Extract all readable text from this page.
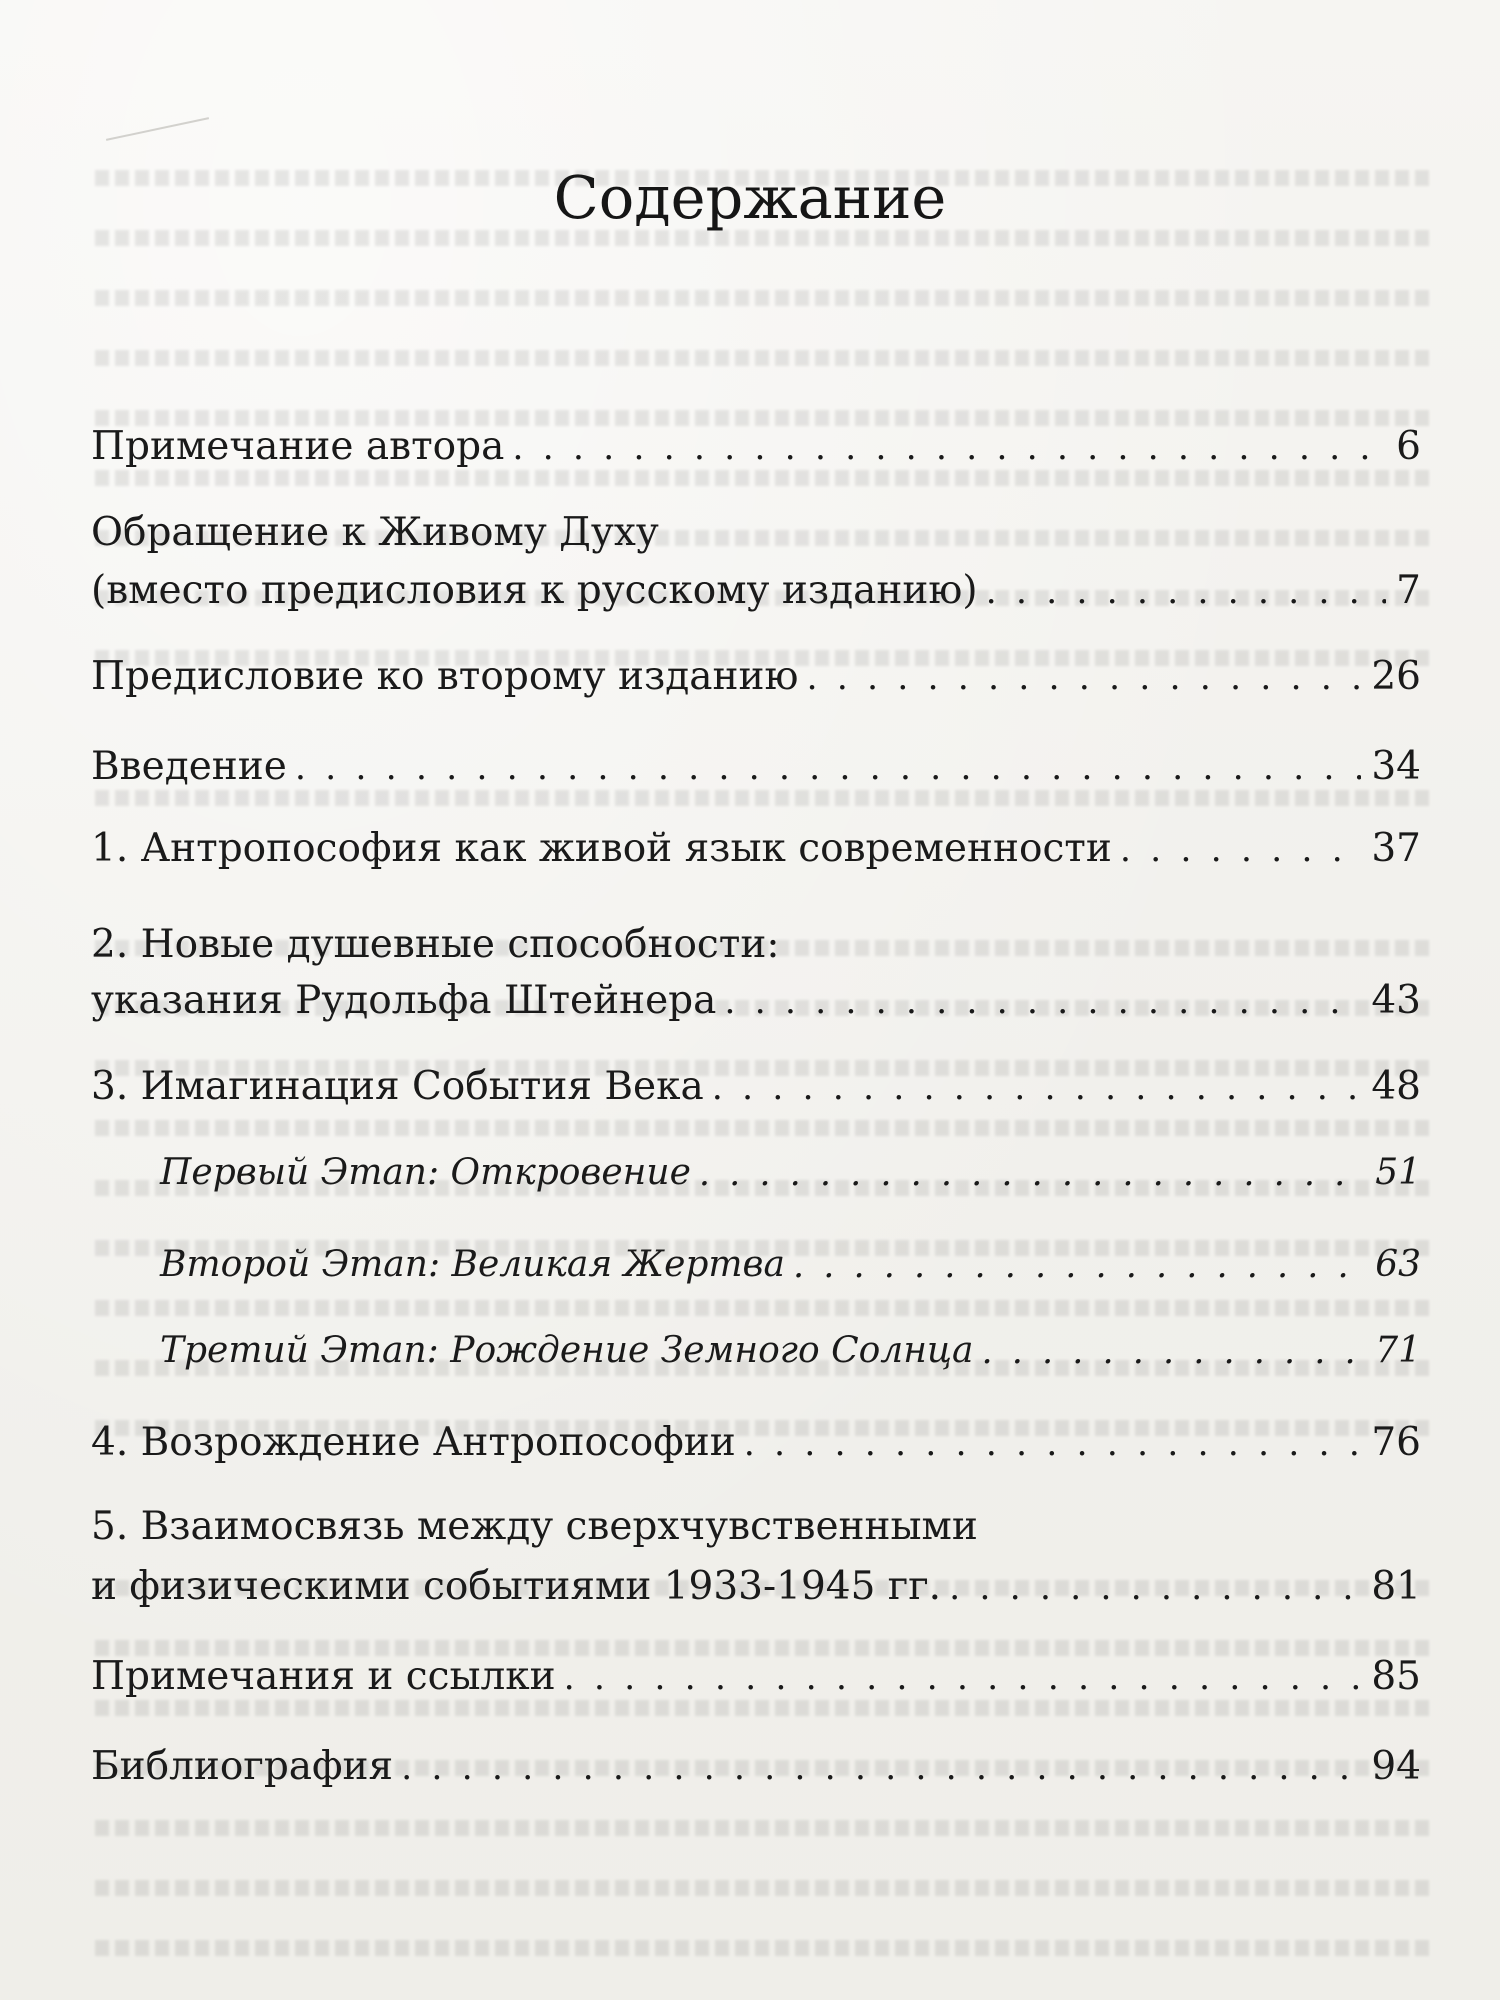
Содержание
Примечание автора . . .	6
Обращение к Живому Духу
(вместо предисловия к русскому изданию) . . .	7
Предисловие ко второму изданию . . .	26
Введение . . .	34
1. Антропософия как живой язык современности . . .	37
2. Новые душевные способности:
указания Рудольфа Штейнера . . .	43
3. Имагинация События Века . . .	48
Первый Этап: Откровение . . .	51
Второй Этап: Великая Жертва . . .	63
Третий Этап: Рождение Земного Солнца . . .	71
4. Возрождение Антропософии . . .	76
5. Взаимосвязь между сверхчувственными
и физическими событиями 1933-1945 гг. . . .	81
Примечания и ссылки . . .	85
Библиография . . .	94
